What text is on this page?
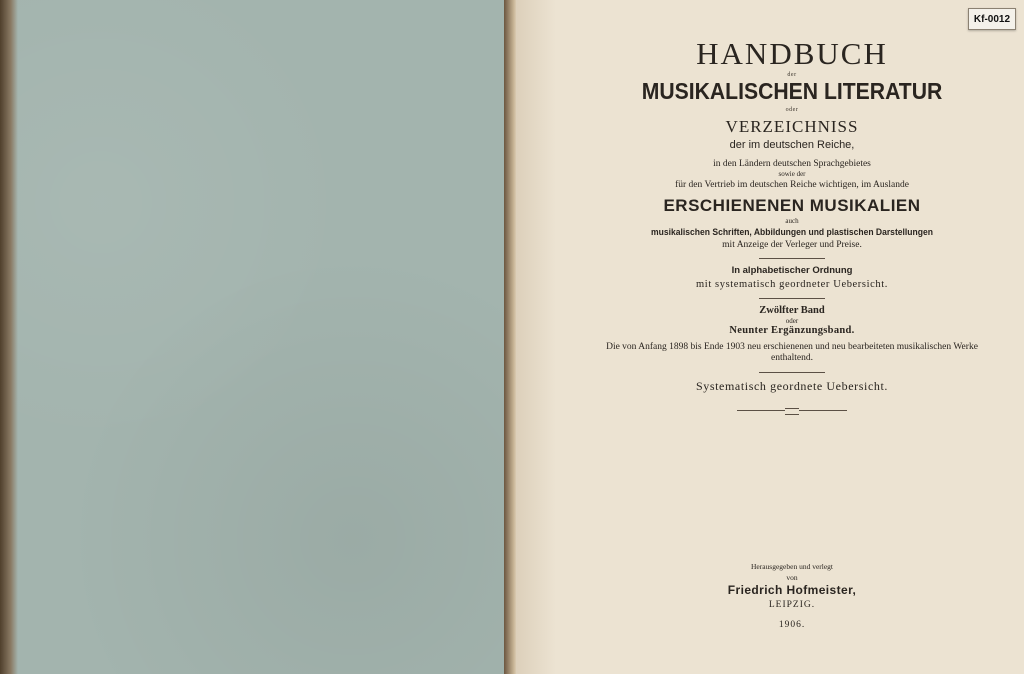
Kf-0012
HANDBUCH
der
MUSIKALISCHEN LITERATUR
oder
VERZEICHNISS
der im deutschen Reiche,
in den Ländern deutschen Sprachgebietes
sowie der
für den Vertrieb im deutschen Reiche wichtigen, im Auslande
ERSCHIENENEN MUSIKALIEN
auch
musikalischen Schriften, Abbildungen und plastischen Darstellungen
mit Anzeige der Verleger und Preise.
In alphabetischer Ordnung
mit systematisch geordneter Uebersicht.
Zwölfter Band
oder
Neunter Ergänzungsband.
Die von Anfang 1898 bis Ende 1903 neu erschienenen und neu bearbeiteten musikalischen Werke enthaltend.
Systematisch geordnete Uebersicht.
Herausgegeben und verlegt
von
Friedrich Hofmeister,
LEIPZIG.
1906.
